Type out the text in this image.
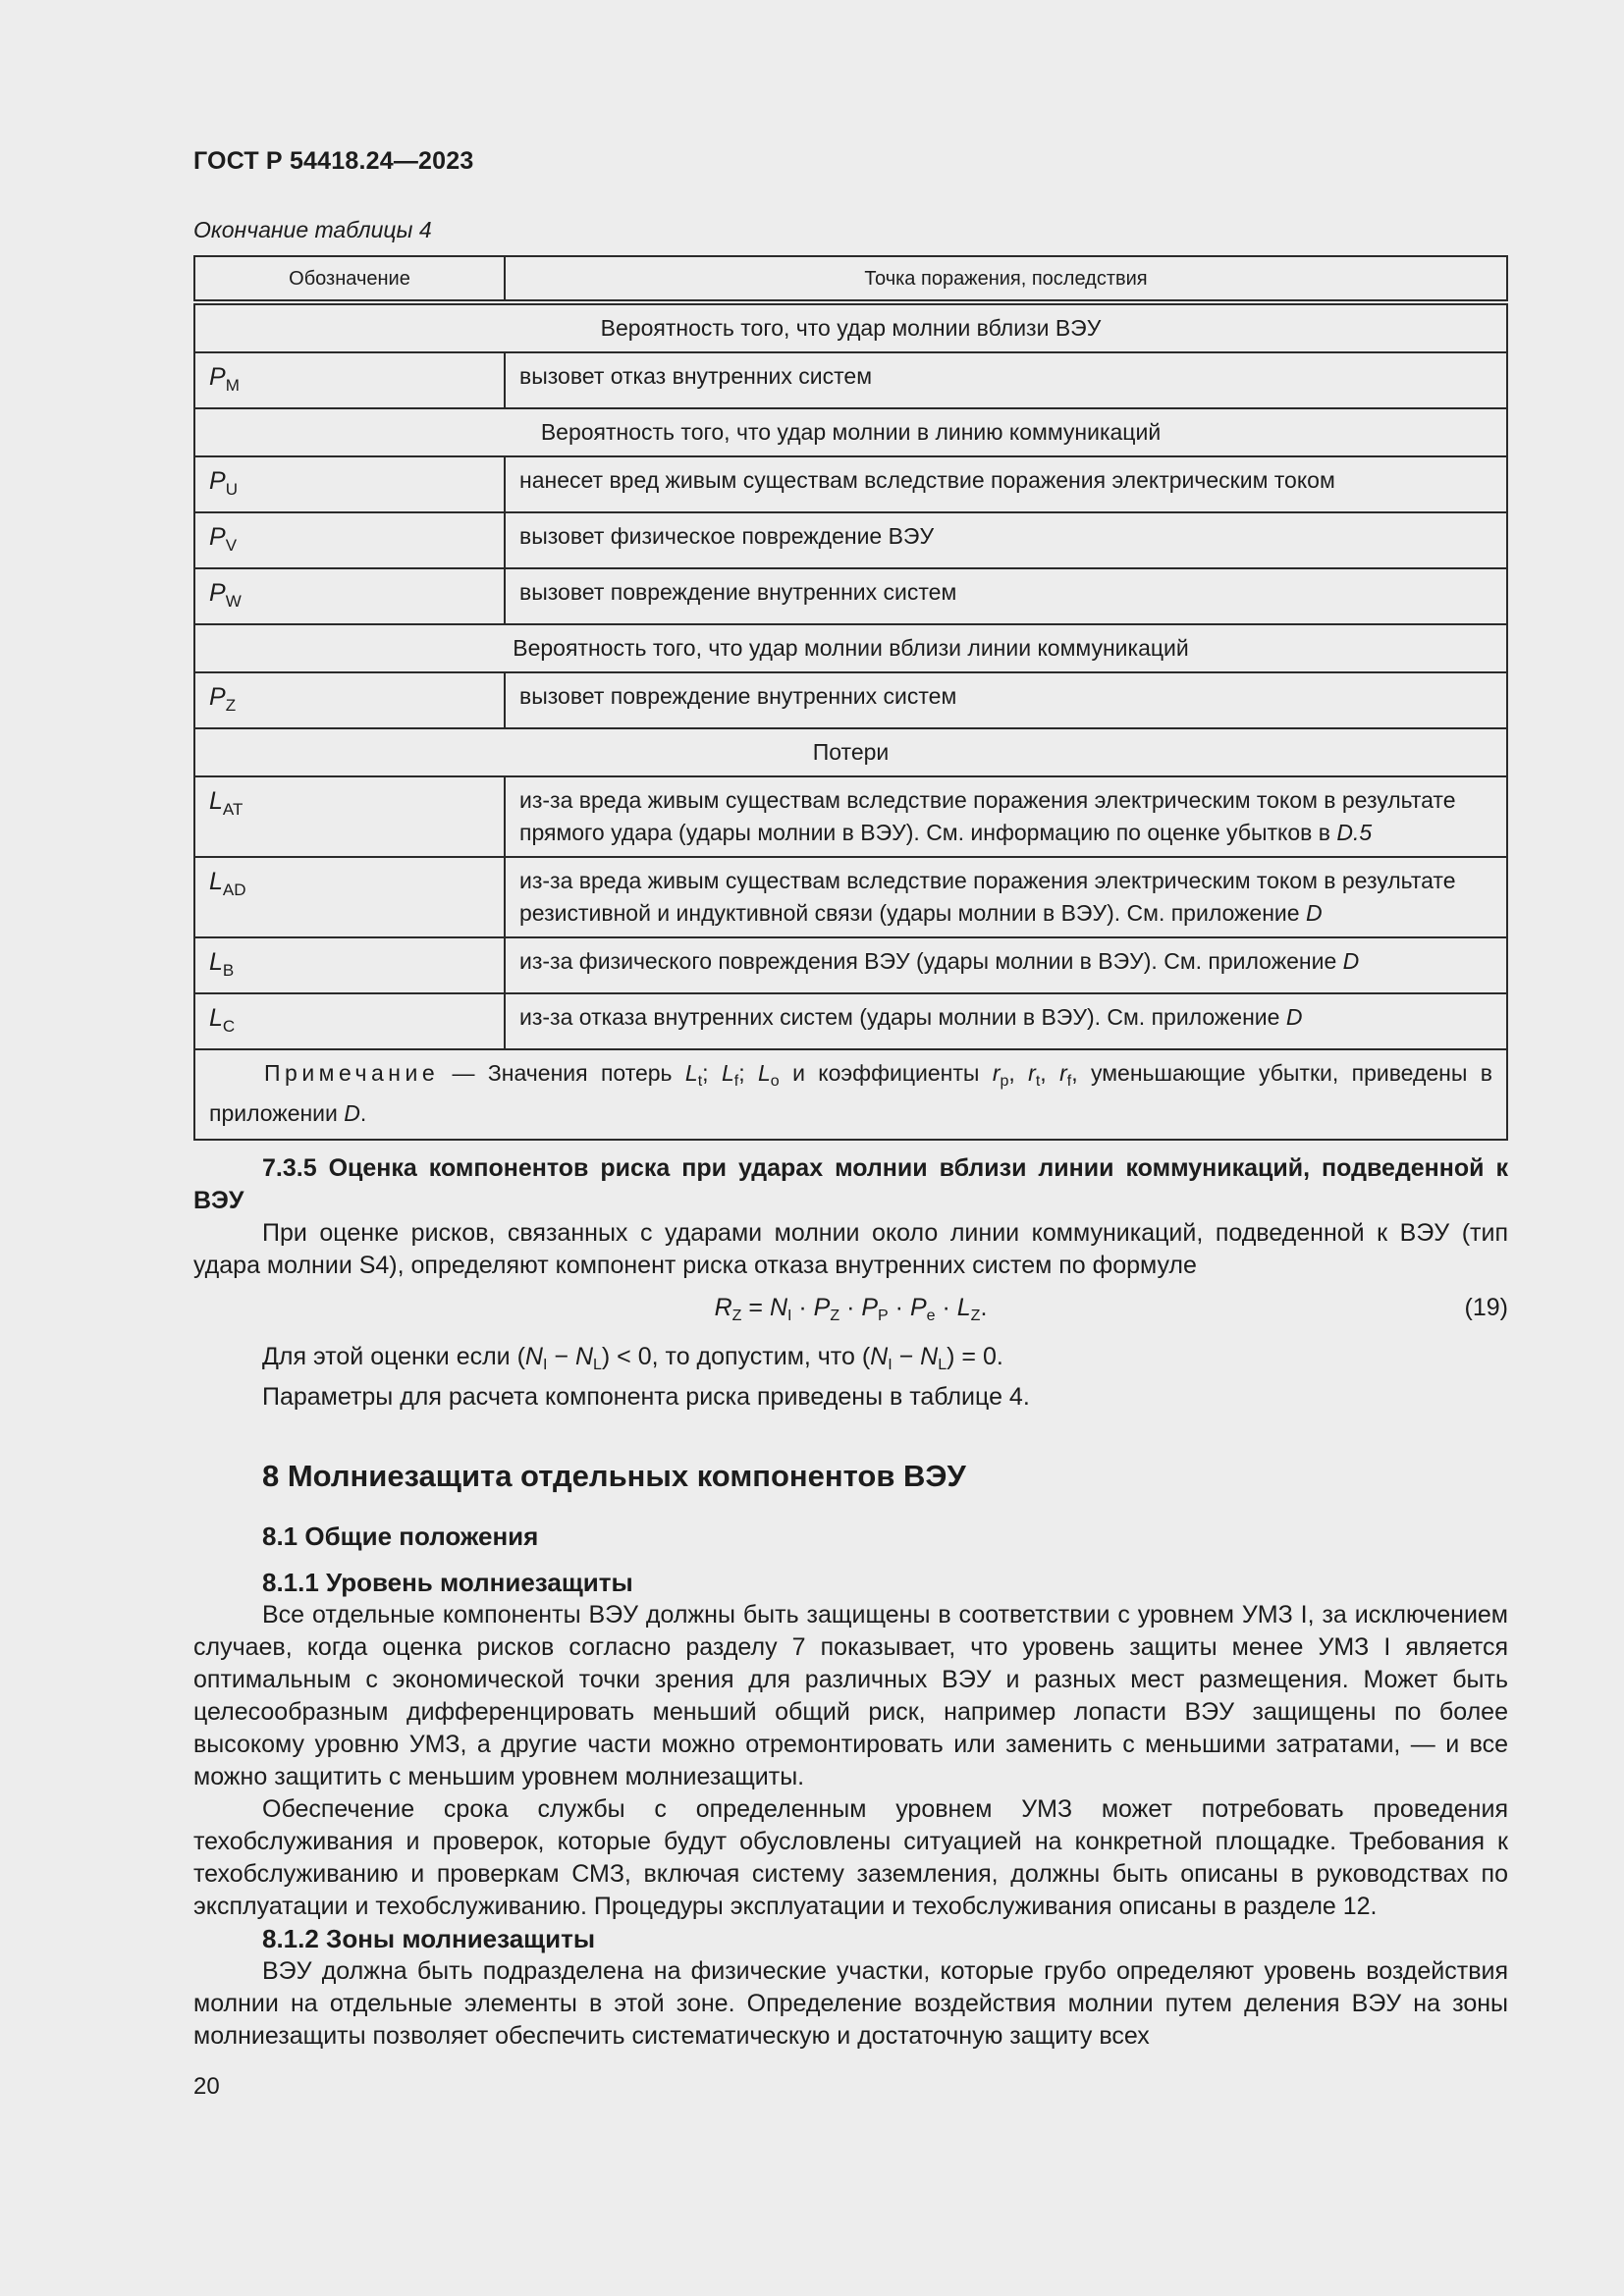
ГОСТ Р 54418.24—2023
Окончание таблицы 4
Обозначение	Точка поражения, последствия
Вероятность того, что удар молнии вблизи ВЭУ	
$P_M$	вызовет отказ внутренних систем
Вероятность того, что удар молнии в линию коммуникаций	
$P_U$	нанесет вред живым существам вследствие поражения электрическим током
$P_V$	вызовет физическое повреждение ВЭУ
$P_W$	вызовет повреждение внутренних систем
Вероятность того, что удар молнии вблизи линии коммуникаций	
$P_Z$	вызовет повреждение внутренних систем
Потери	
$L_{AT}$	из-за вреда живым существам вследствие поражения электрическим током в результате прямого удара (удары молнии в ВЭУ). См. информацию по оценке убытков в D.5
$L_{AD}$	из-за вреда живым существам вследствие поражения электрическим током в результате резистивной и индуктивной связи (удары молнии в ВЭУ). См. приложение D
$L_B$	из-за физического повреждения ВЭУ (удары молнии в ВЭУ). См. приложение D
$L_C$	из-за отказа внутренних систем (удары молнии в ВЭУ). См. приложение D
Примечание — Значения потерь $L_t$; $L_f$; $L_o$ и коэффициенты $r_p$, $r_t$, $r_f$, уменьшающие убытки, приведены в приложении D.	

7.3.5 Оценка компонентов риска при ударах молнии вблизи линии коммуникаций, подведенной к ВЭУ

При оценке рисков, связанных с ударами молнии около линии коммуникаций, подведенной к ВЭУ (тип удара молнии S4), определяют компонент риска отказа внутренних систем по формуле

$R_Z = N_I \cdot P_Z \cdot P_P \cdot P_e \cdot L_Z$.	(19)

Для этой оценки если $(N_I - N_L) < 0$, то допустим, что $(N_I - N_L) = 0$.

Параметры для расчета компонента риска приведены в таблице 4.

8 Молниезащита отдельных компонентов ВЭУ
8.1 Общие положения
8.1.1 Уровень молниезащиты

Все отдельные компоненты ВЭУ должны быть защищены в соответствии с уровнем УМЗ I, за исключением случаев, когда оценка рисков согласно разделу 7 показывает, что уровень защиты менее УМЗ I является оптимальным с экономической точки зрения для различных ВЭУ и разных мест размещения. Может быть целесообразным дифференцировать меньший общий риск, например лопасти ВЭУ защищены по более высокому уровню УМЗ, а другие части можно отремонтировать или заменить с меньшими затратами, — и все можно защитить с меньшим уровнем молниезащиты.

Обеспечение срока службы с определенным уровнем УМЗ может потребовать проведения техобслуживания и проверок, которые будут обусловлены ситуацией на конкретной площадке. Требования к техобслуживанию и проверкам СМЗ, включая систему заземления, должны быть описаны в руководствах по эксплуатации и техобслуживанию. Процедуры эксплуатации и техобслуживания описаны в разделе 12.

8.1.2 Зоны молниезащиты

ВЭУ должна быть подразделена на физические участки, которые грубо определяют уровень воздействия молнии на отдельные элементы в этой зоне. Определение воздействия молнии путем деления ВЭУ на зоны молниезащиты позволяет обеспечить систематическую и достаточную защиту всех

20
